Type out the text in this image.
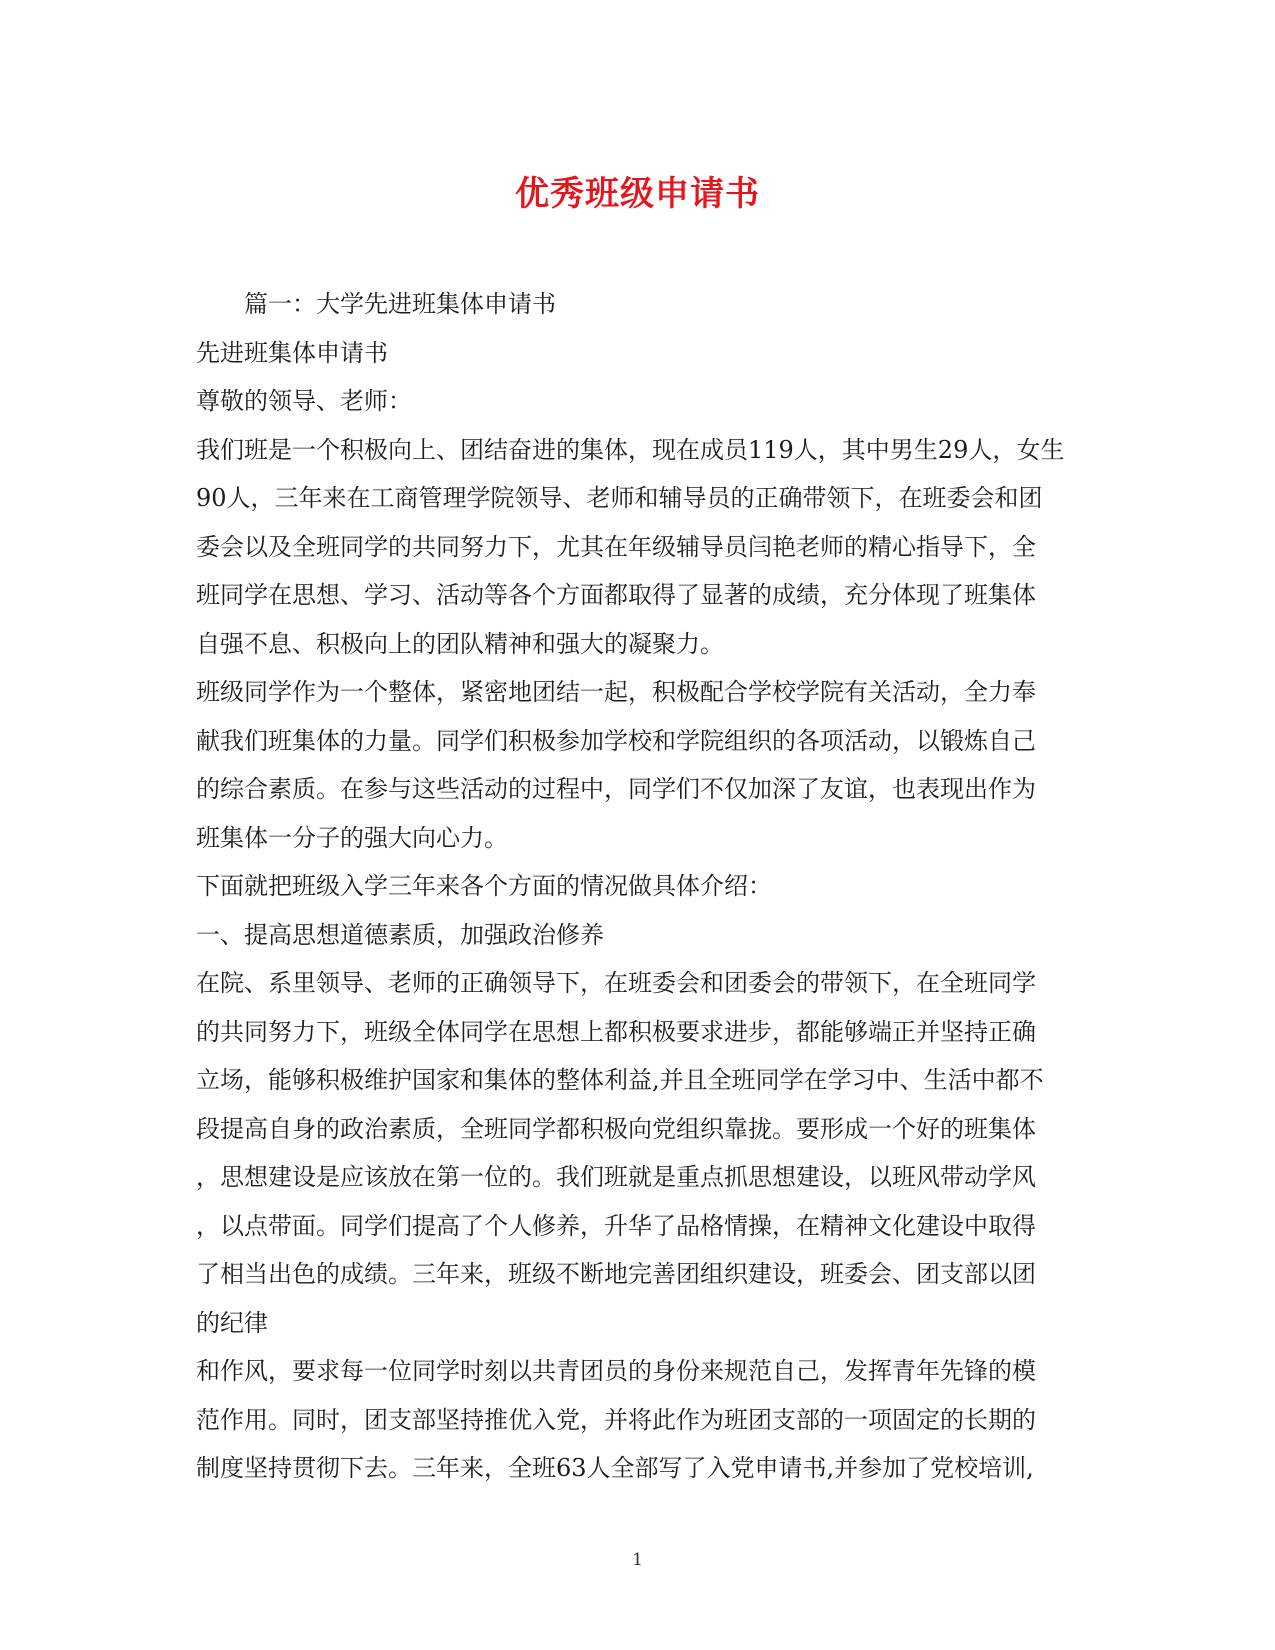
优秀班级申请书
篇一：大学先进班集体申请书
先进班集体申请书
尊敬的领导、老师：
我们班是一个积极向上、团结奋进的集体，现在成员119人，其中男生29人，女生
90人，三年来在工商管理学院领导、老师和辅导员的正确带领下，在班委会和团
委会以及全班同学的共同努力下，尤其在年级辅导员闫艳老师的精心指导下，全
班同学在思想、学习、活动等各个方面都取得了显著的成绩，充分体现了班集体
自强不息、积极向上的团队精神和强大的凝聚力。
班级同学作为一个整体，紧密地团结一起，积极配合学校学院有关活动，全力奉
献我们班集体的力量。同学们积极参加学校和学院组织的各项活动，以锻炼自己
的综合素质。在参与这些活动的过程中，同学们不仅加深了友谊，也表现出作为
班集体一分子的强大向心力。
下面就把班级入学三年来各个方面的情况做具体介绍：
一、提高思想道德素质，加强政治修养
在院、系里领导、老师的正确领导下，在班委会和团委会的带领下，在全班同学
的共同努力下，班级全体同学在思想上都积极要求进步，都能够端正并坚持正确
立场，能够积极维护国家和集体的整体利益,并且全班同学在学习中、生活中都不
段提高自身的政治素质，全班同学都积极向党组织靠拢。要形成一个好的班集体
，思想建设是应该放在第一位的。我们班就是重点抓思想建设，以班风带动学风
，以点带面。同学们提高了个人修养，升华了品格情操，在精神文化建设中取得
了相当出色的成绩。三年来，班级不断地完善团组织建设，班委会、团支部以团
的纪律
和作风，要求每一位同学时刻以共青团员的身份来规范自己，发挥青年先锋的模
范作用。同时，团支部坚持推优入党，并将此作为班团支部的一项固定的长期的
制度坚持贯彻下去。三年来，全班63人全部写了入党申请书,并参加了党校培训,
1
